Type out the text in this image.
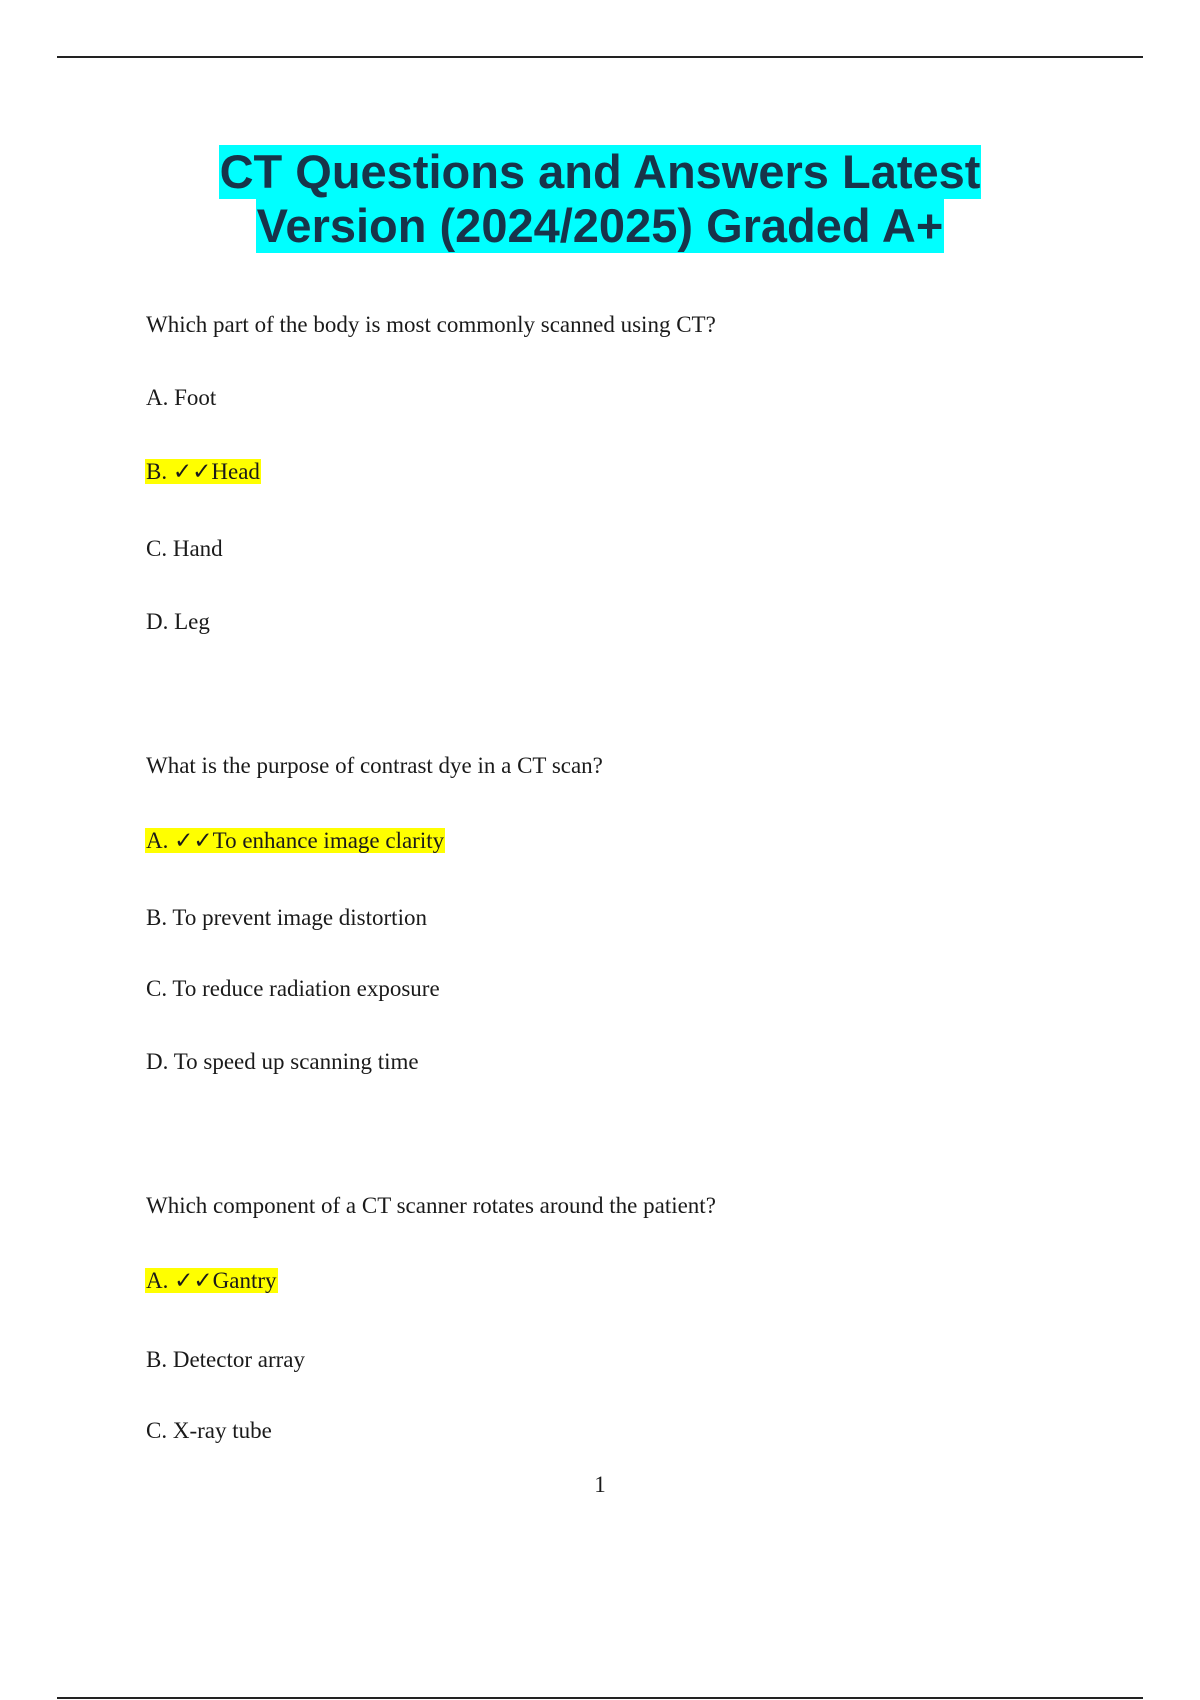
CT Questions and Answers Latest
Version (2024/2025) Graded A+
Which part of the body is most commonly scanned using CT?
A. Foot
B. ✓✓Head
C. Hand
D. Leg
What is the purpose of contrast dye in a CT scan?
A. ✓✓To enhance image clarity
B. To prevent image distortion
C. To reduce radiation exposure
D. To speed up scanning time
Which component of a CT scanner rotates around the patient?
A. ✓✓Gantry
B. Detector array
C. X-ray tube
1
